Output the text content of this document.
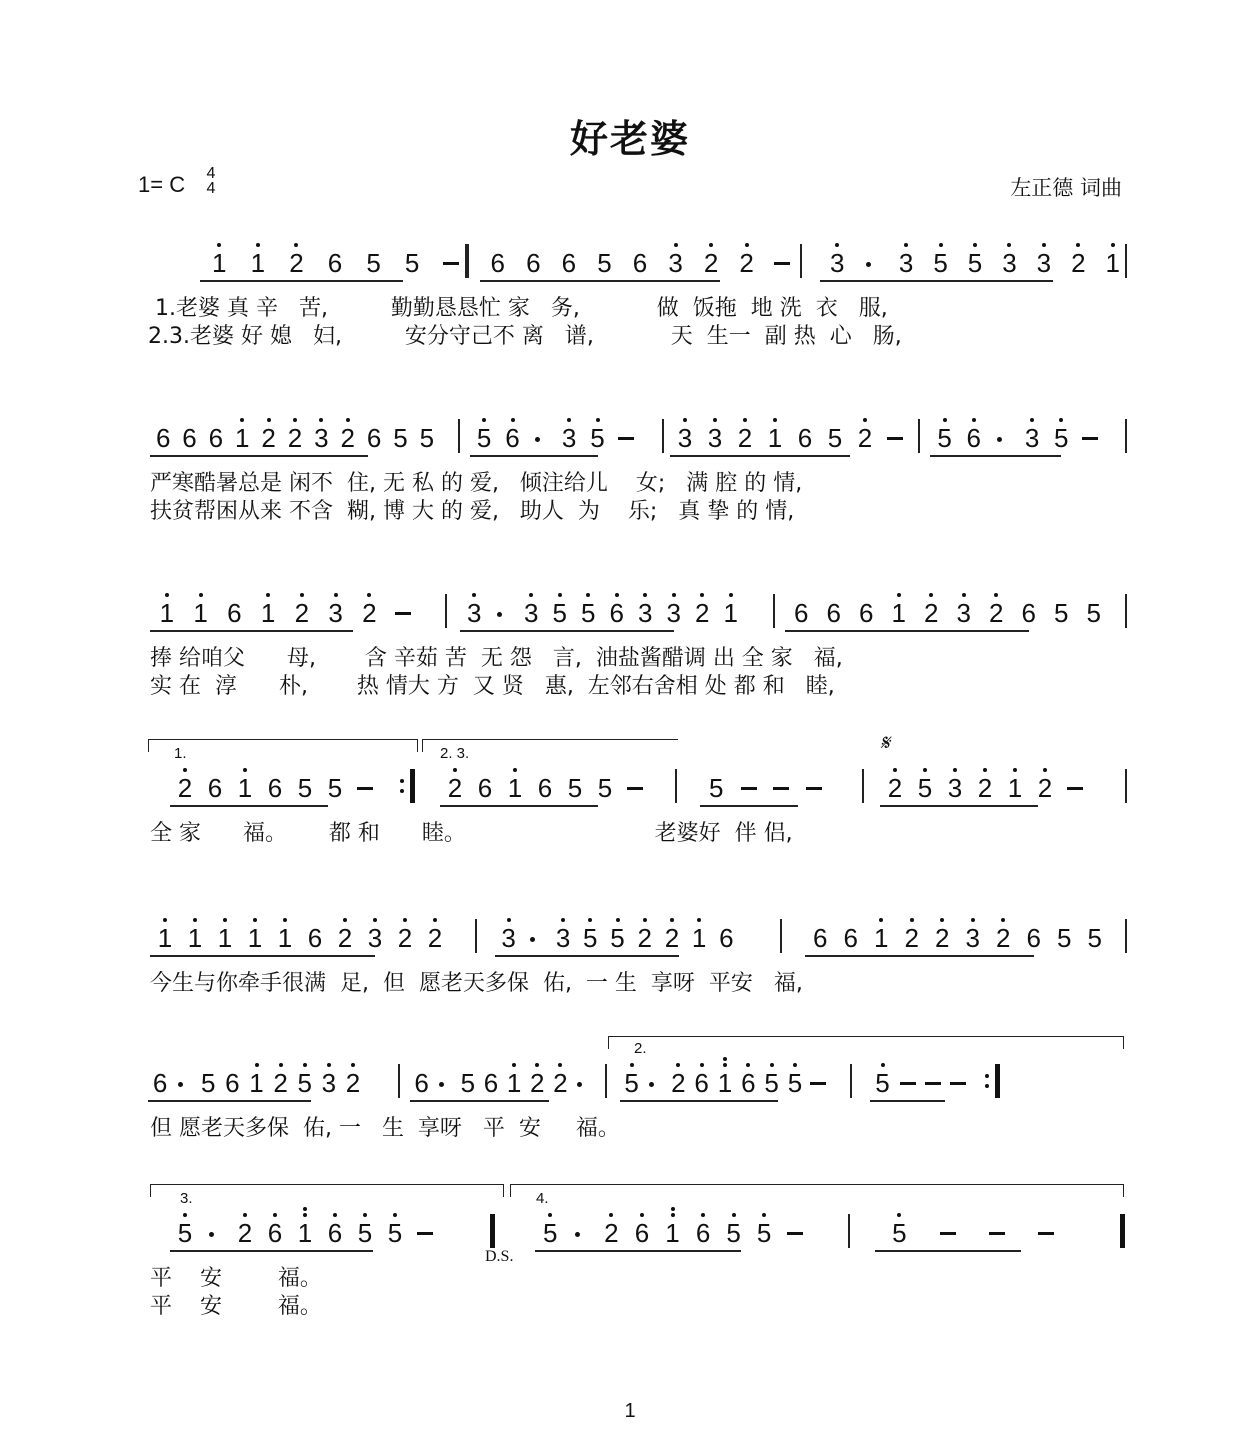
好老婆
1= C 4
4	左正德 词曲
1 1 2 6 5 5	6 6 6 5 6 3 2 2	3 3 5 5 3 3 2 1
1.老婆 真 辛   苦,         勤勤恳恳忙 家   务,           做  饭拖  地 洗  衣   服,
2.3.老婆 好 媳   妇,         安分守己不 离   谱,           天  生一  副 热  心   肠,
6 6 6 1 2 2 3 2 6 5 5 5 6 3 5	3 3 2 1 6 5 2	5 6 3 5
严寒酷暑总是 闲不  住, 无 私 的 爱,   倾注给儿    女;   满 腔 的 情,
扶贫帮困从来 不含  糊, 博 大 的 爱,   助人  为    乐;   真 挚 的 情,
1 1 6 1 2 3 2	3 3 5 5 6 3 3 2 1 6 6 6 1 2 3 2 6 5 5
捧 给咱父      母,       含 辛茹 苦  无 怨   言,  油盐酱醋调 出 全 家   福,
实 在  淳      朴,       热 情大 方  又 贤   惠,  左邻右舍相 处 都 和   睦,
2 6 1 6 5 5	2 6 1 6 5 5	5	2 5 3 2 1 2
全 家      福。      都 和      睦。                           老婆好  伴 侣,
1.	2. 3.	𝄋
1 1 1 1 1 6 2 3 2 2 3 3 5 5 2 2 1 6	6 6 1 2 2 3 2 6 5 5
今生与你牵手很满  足,  但  愿老天多保  佑,  一 生  享呀  平安   福,
6 5 6 1 2 5 3 2 6 5 6 1 2 2 5 2 6 1 6 5 5	5
但 愿老天多保  佑, 一   生  享呀   平  安     福。
2.
5 2 6 1 6 5 5	5 2 6 1 6 5 5	5
平    安        福。
平    安        福。
3.	4.
D.S.
1
